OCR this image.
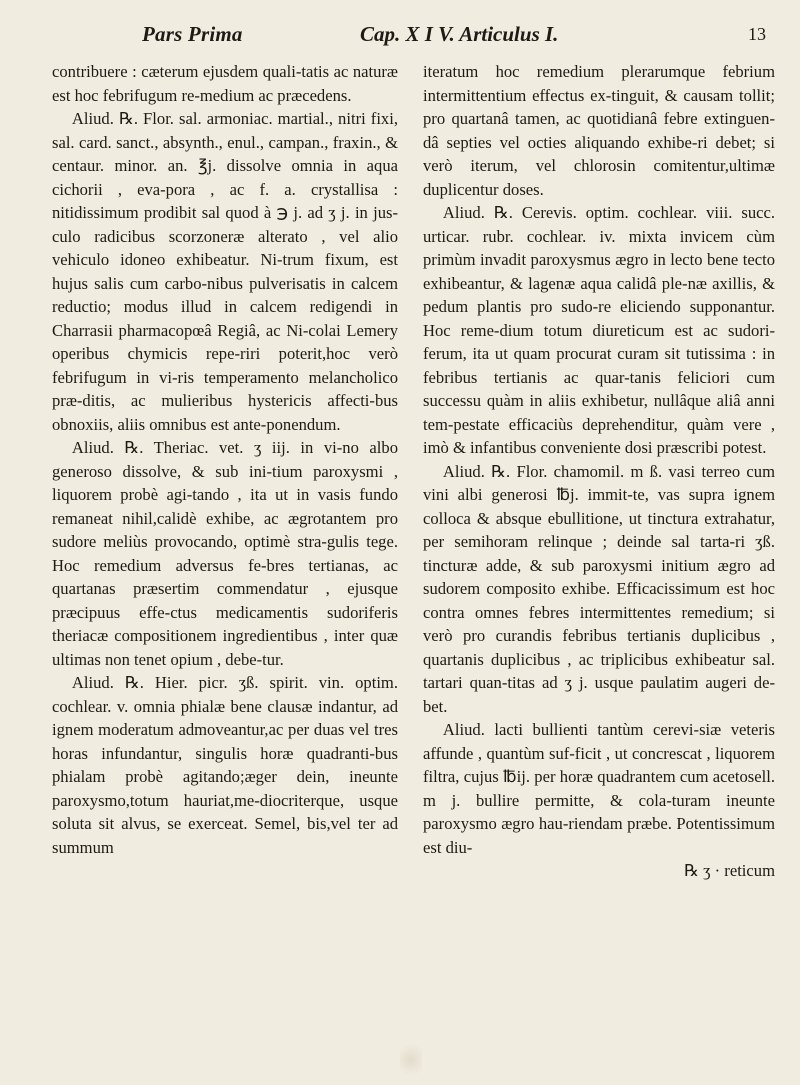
Pars Prima	Cap. X I V. Articulus I.	13

contribuere : cæterum ejusdem quali-tatis ac naturæ est hoc febrifugum re-medium ac præcedens.

Aliud. ℞. Flor. sal. armoniac. martial., nitri fixi, sal. card. sanct., absynth., enul., campan., fraxin., & centaur. minor. an. ℥j. dissolve omnia in aqua cichorii , eva-pora , ac f. a. crystallisa : nitidissimum prodibit sal quod à ℈ j. ad ʒ j. in jus-culo radicibus scorzoneræ alterato , vel alio vehiculo idoneo exhibeatur. Ni-trum fixum, est hujus salis cum carbo-nibus pulverisatis in calcem reductio; modus illud in calcem redigendi in Charrasii pharmacopœâ Regiâ, ac Ni-colai Lemery operibus chymicis repe-riri poterit,hoc verò febrifugum in vi-ris temperamento melancholico præ-ditis, ac mulieribus hystericis affecti-bus obnoxiis, aliis omnibus est ante-ponendum.

Aliud. ℞. Theriac. vet. ʒ iij. in vi-no albo generoso dissolve, & sub ini-tium paroxysmi , liquorem probè agi-tando , ita ut in vasis fundo remaneat nihil,calidè exhibe, ac ægrotantem pro sudore meliùs provocando, optimè stra-gulis tege. Hoc remedium adversus fe-bres tertianas, ac quartanas præsertim commendatur , ejusque præcipuus effe-ctus medicamentis sudoriferis theriacæ compositionem ingredientibus , inter quæ ultimas non tenet opium , debe-tur.

Aliud. ℞. Hier. picr. ʒß. spirit. vin. optim. cochlear. v. omnia phialæ bene clausæ indantur, ad ignem moderatum admoveantur,ac per duas vel tres horas infundantur, singulis horæ quadranti-bus phialam probè agitando;æger dein, ineunte paroxysmo,totum hauriat,me-diocriterque, usque soluta sit alvus, se exerceat. Semel, bis,vel ter ad summum

iteratum hoc remedium plerarumque febrium intermittentium effectus ex-tinguit, & causam tollit; pro quartanâ tamen, ac quotidianâ febre extinguen-dâ septies vel octies aliquando exhibe-ri debet; si verò iterum, vel chlorosin comitentur,ultimæ duplicentur doses.

Aliud. ℞. Cerevis. optim. cochlear. viii. succ. urticar. rubr. cochlear. iv. mixta invicem cùm primùm invadit paroxysmus ægro in lecto bene tecto exhibeantur, & lagenæ aqua calidâ ple-næ axillis, & pedum plantis pro sudo-re eliciendo supponantur. Hoc reme-dium totum diureticum est ac sudori-ferum, ita ut quam procurat curam sit tutissima : in febribus tertianis ac quar-tanis feliciori cum successu quàm in aliis exhibetur, nullâque aliâ anni tem-pestate efficaciùs deprehenditur, quàm vere , imò & infantibus conveniente dosi præscribi potest.

Aliud. ℞. Flor. chamomil. m ß. vasi terreo cum vini albi generosi ℔j. immit-te, vas supra ignem colloca & absque ebullitione, ut tinctura extrahatur, per semihoram relinque ; deinde sal tarta-ri ʒß. tincturæ adde, & sub paroxysmi initium ægro ad sudorem composito exhibe. Efficacissimum est hoc contra omnes febres intermittentes remedium; si verò pro curandis febribus tertianis duplicibus , quartanis duplicibus , ac triplicibus exhibeatur sal. tartari quan-titas ad ʒ j. usque paulatim augeri de-bet.

Aliud. lacti bullienti tantùm cerevi-siæ veteris affunde , quantùm suf-ficit , ut concrescat , liquorem filtra, cujus ℔ij. per horæ quadrantem cum acetosell. m j. bullire permitte, & cola-turam ineunte paroxysmo ægro hau-riendam præbe. Potentissimum est diu-

℞ ʒ · reticum
